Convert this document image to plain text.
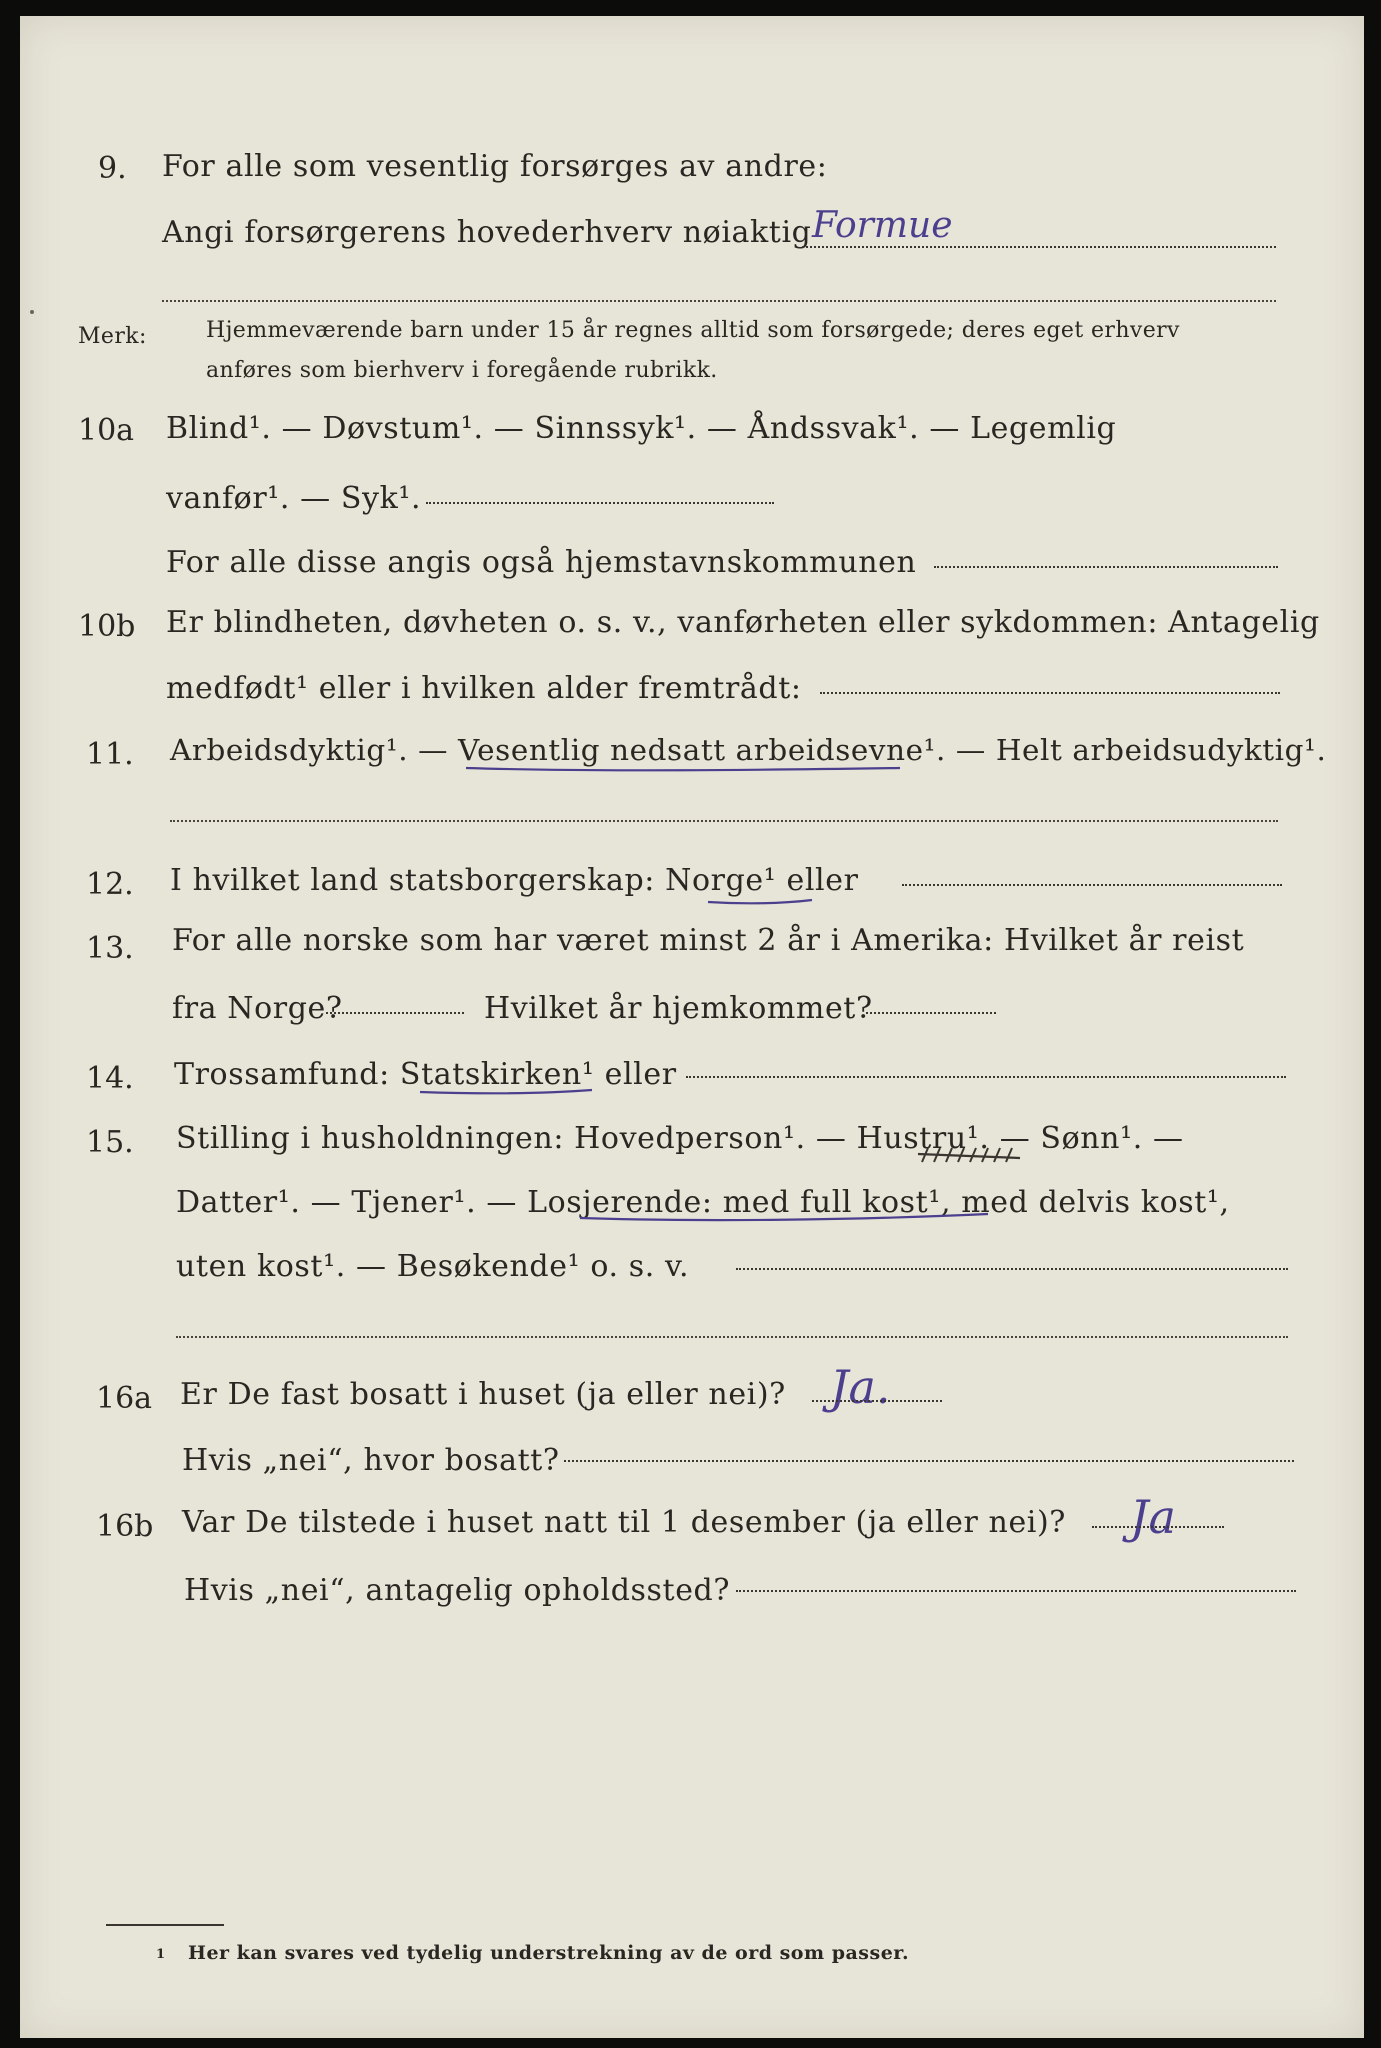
9. For alle som vesentlig forsørges av andre:
Angi forsørgerens hovederhverv nøiaktig Formue
Merk:	Hjemmeværende barn under 15 år regnes alltid som forsørgede; deres eget erhverv
anføres som bierhverv i foregående rubrikk.
10a Blind¹. — Døvstum¹. — Sinnssyk¹. — Åndssvak¹. — Legemlig
vanfør¹. — Syk¹.
For alle disse angis også hjemstavnskommunen
10b Er blindheten, døvheten o. s. v., vanførheten eller sykdommen: Antagelig
medfødt¹ eller i hvilken alder fremtrådt:
11. Arbeidsdyktig¹. — Vesentlig nedsatt arbeidsevne¹. — Helt arbeidsudyktig¹.
12. I hvilket land statsborgerskap: Norge¹ eller
13. For alle norske som har været minst 2 år i Amerika: Hvilket år reist
fra Norge?	Hvilket år hjemkommet?
14. Trossamfund: Statskirken¹ eller
15. Stilling i husholdningen: Hovedperson¹. — Hustru¹. — Sønn¹. —
Datter¹. — Tjener¹. — Losjerende: med full kost¹, med delvis kost¹,
uten kost¹. — Besøkende¹ o. s. v.
16a Er De fast bosatt i huset (ja eller nei)? Ja.
Hvis „nei“, hvor bosatt?
16b Var De tilstede i huset natt til 1 desember (ja eller nei)? Ja
Hvis „nei“, antagelig opholdssted?
1 Her kan svares ved tydelig understrekning av de ord som passer.
